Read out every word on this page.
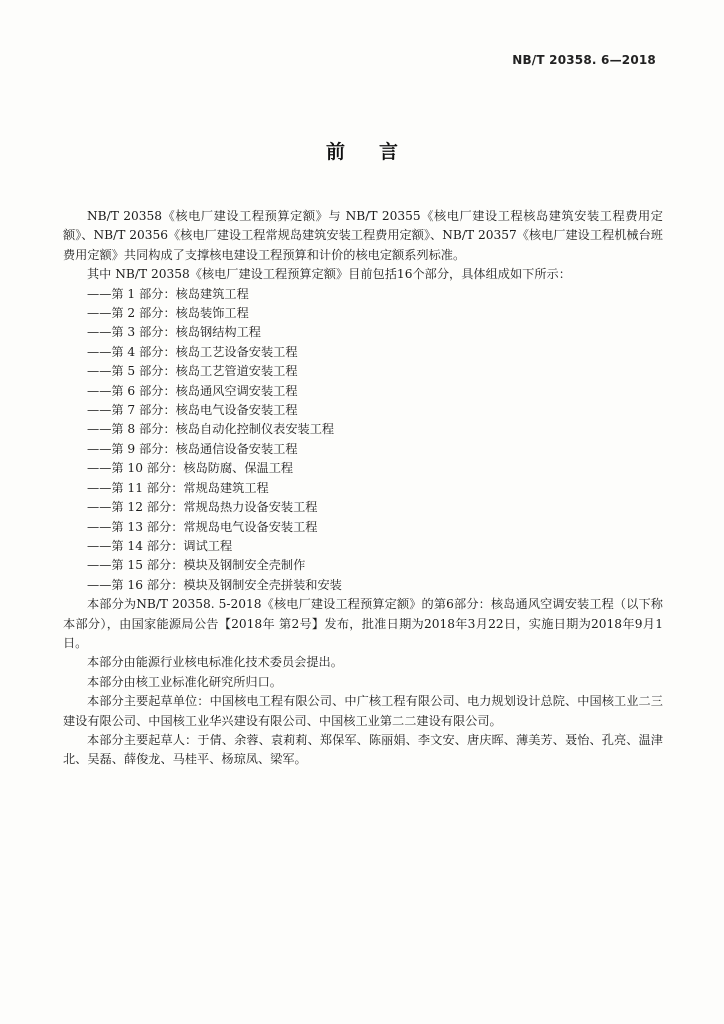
NB/T 20358. 6—2018
前言

NB/T 20358《核电厂建设工程预算定额》与 NB/T 20355《核电厂建设工程核岛建筑安装工程费用定额》、NB/T 20356《核电厂建设工程常规岛建筑安装工程费用定额》、NB/T 20357《核电厂建设工程机械台班费用定额》共同构成了支撑核电建设工程预算和计价的核电定额系列标准。

其中 NB/T 20358《核电厂建设工程预算定额》目前包括16个部分，具体组成如下所示：

——第 1 部分：核岛建筑工程
——第 2 部分：核岛装饰工程
——第 3 部分：核岛钢结构工程
——第 4 部分：核岛工艺设备安装工程
——第 5 部分：核岛工艺管道安装工程
——第 6 部分：核岛通风空调安装工程
——第 7 部分：核岛电气设备安装工程
——第 8 部分：核岛自动化控制仪表安装工程
——第 9 部分：核岛通信设备安装工程
——第 10 部分：核岛防腐、保温工程
——第 11 部分：常规岛建筑工程
——第 12 部分：常规岛热力设备安装工程
——第 13 部分：常规岛电气设备安装工程
——第 14 部分：调试工程
——第 15 部分：模块及钢制安全壳制作
——第 16 部分：模块及钢制安全壳拼装和安装

本部分为NB/T 20358. 5-2018《核电厂建设工程预算定额》的第6部分：核岛通风空调安装工程（以下称本部分），由国家能源局公告【2018年 第2号】发布，批准日期为2018年3月22日，实施日期为2018年9月1日。

本部分由能源行业核电标准化技术委员会提出。

本部分由核工业标准化研究所归口。

本部分主要起草单位：中国核电工程有限公司、中广核工程有限公司、电力规划设计总院、中国核工业二三建设有限公司、中国核工业华兴建设有限公司、中国核工业第二二建设有限公司。

本部分主要起草人：于倩、余蓉、袁莉莉、郑保军、陈丽娟、李文安、唐庆晖、薄美芳、聂怡、孔亮、温津北、吴磊、薛俊龙、马桂平、杨琼凤、梁军。
